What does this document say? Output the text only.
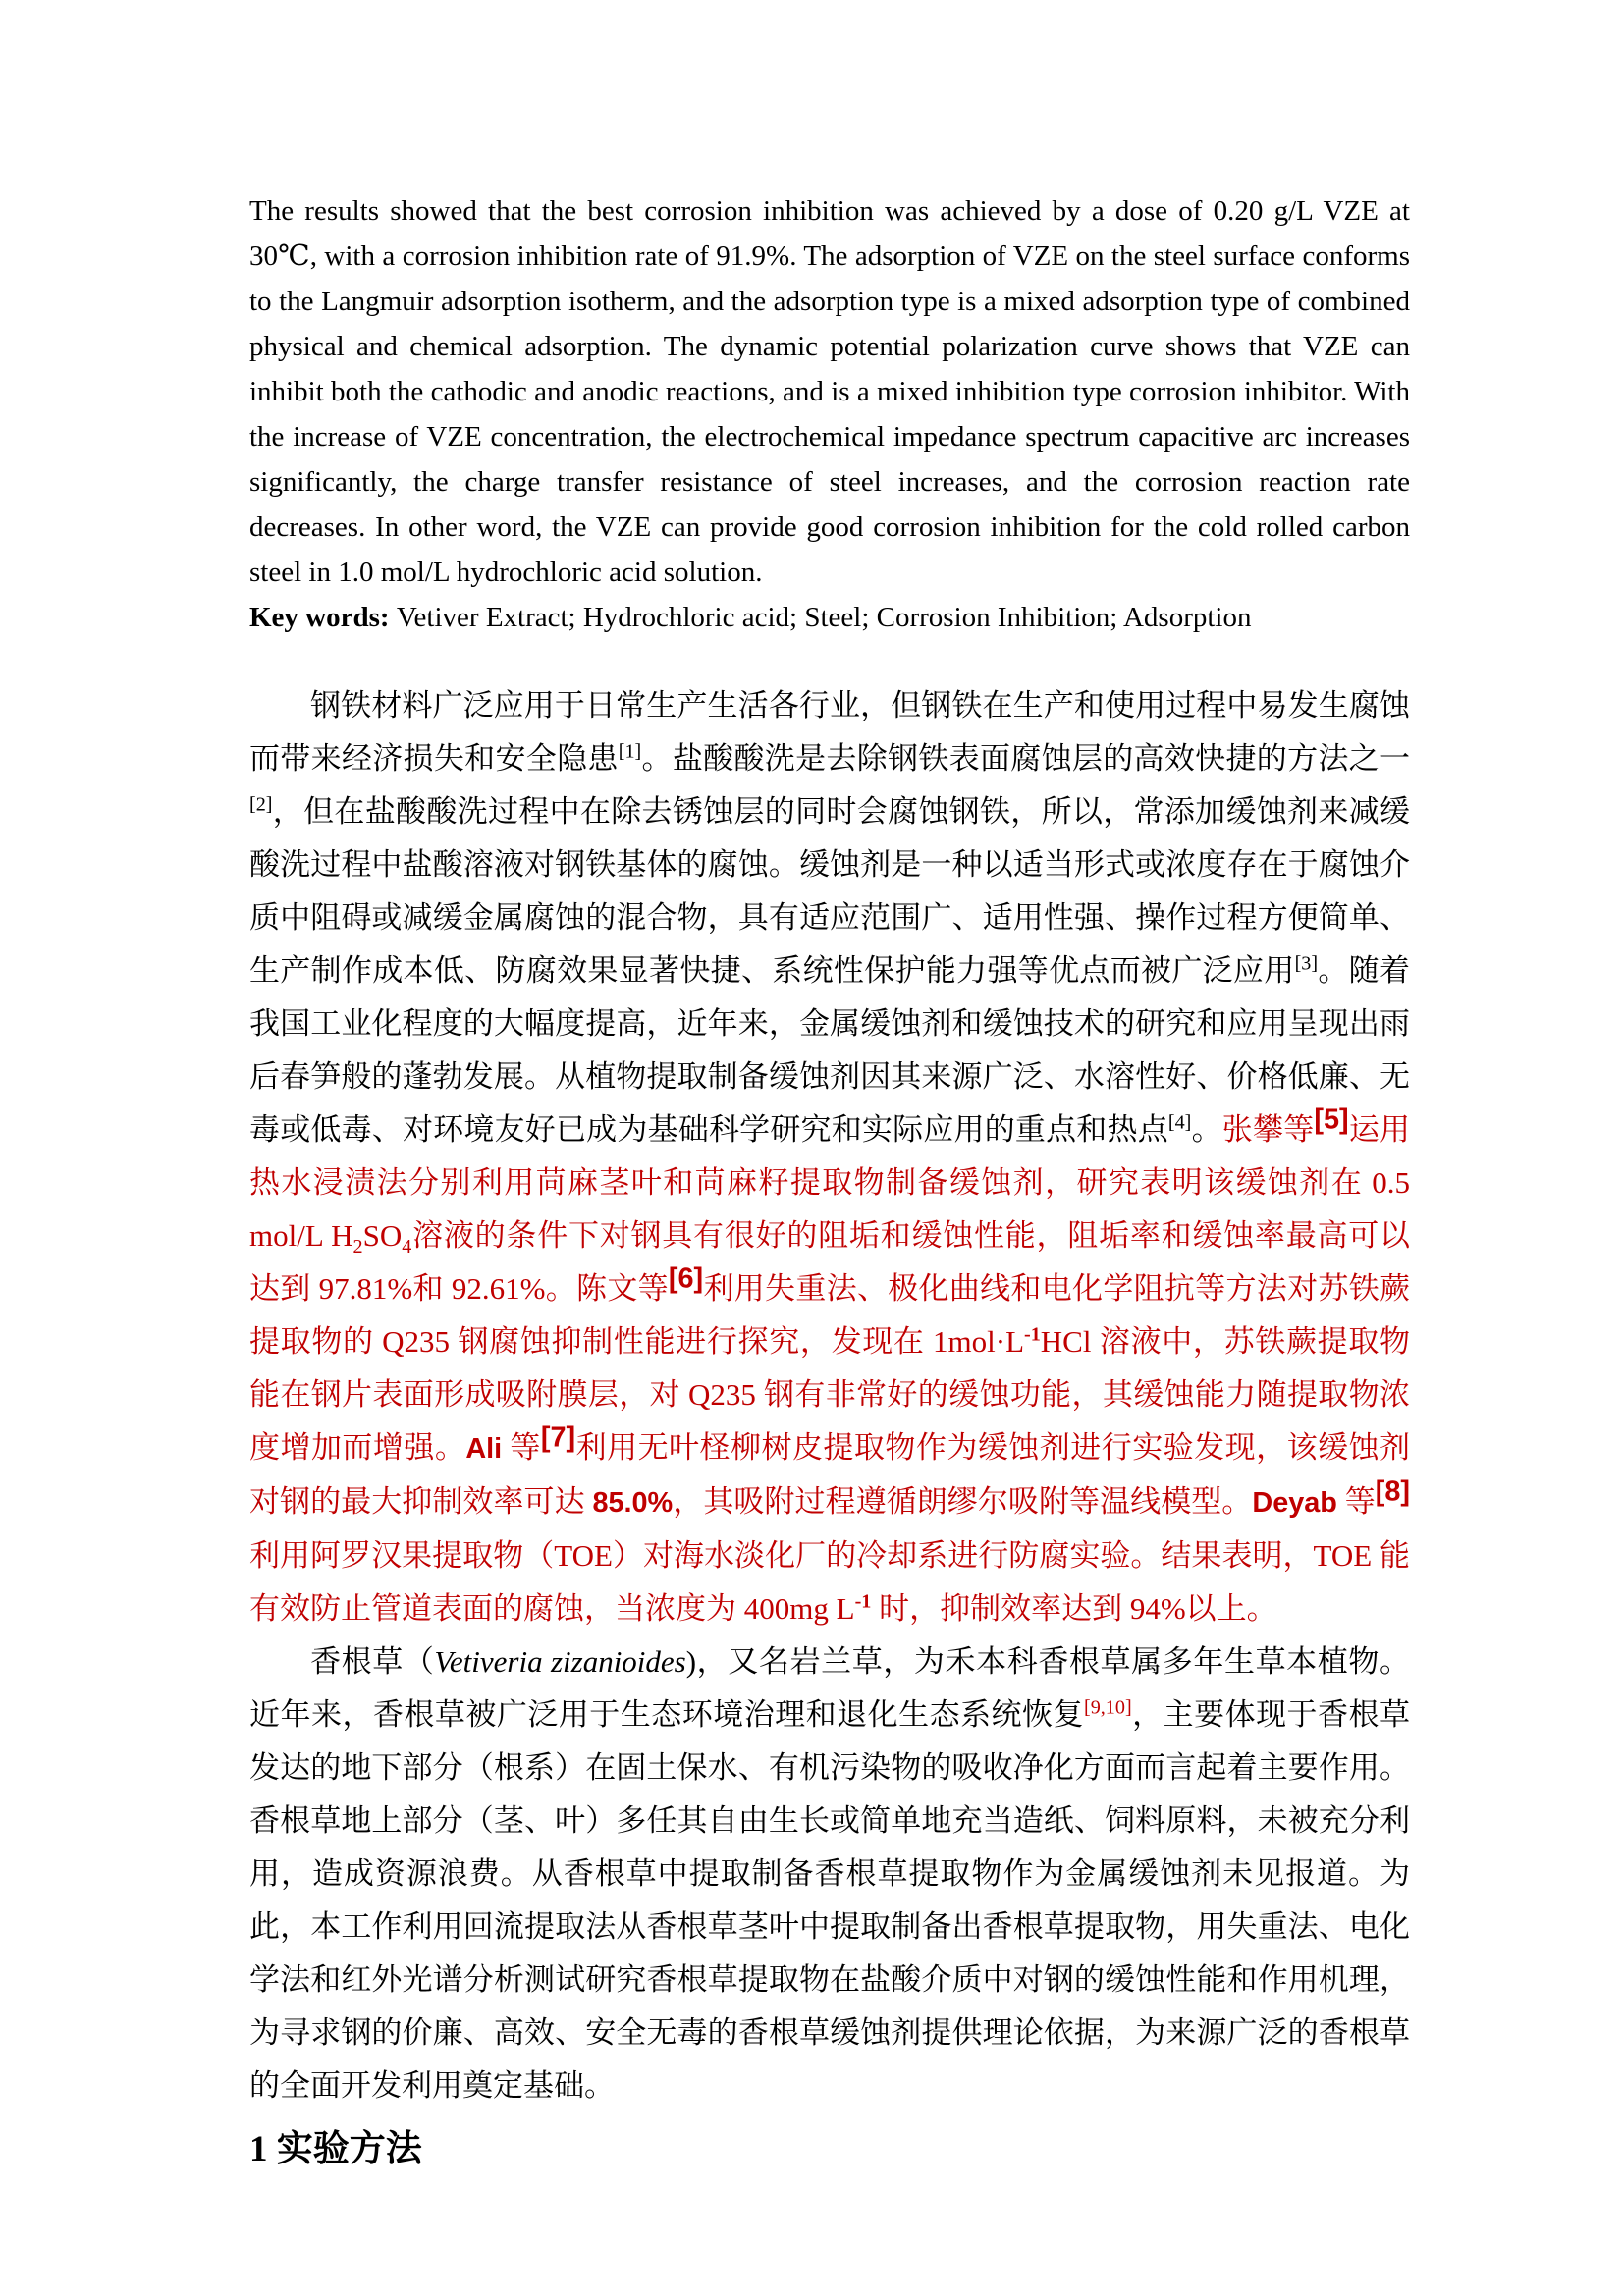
The results showed that the best corrosion inhibition was achieved by a dose of 0.20 g/L VZE at 30℃, with a corrosion inhibition rate of 91.9%. The adsorption of VZE on the steel surface conforms to the Langmuir adsorption isotherm, and the adsorption type is a mixed adsorption type of combined physical and chemical adsorption. The dynamic potential polarization curve shows that VZE can inhibit both the cathodic and anodic reactions, and is a mixed inhibition type corrosion inhibitor. With the increase of VZE concentration, the electrochemical impedance spectrum capacitive arc increases significantly, the charge transfer resistance of steel increases, and the corrosion reaction rate decreases. In other word, the VZE can provide good corrosion inhibition for the cold rolled carbon steel in 1.0 mol/L hydrochloric acid solution.

Key words: Vetiver Extract; Hydrochloric acid; Steel; Corrosion Inhibition; Adsorption

钢铁材料广泛应用于日常生产生活各行业，但钢铁在生产和使用过程中易发生腐蚀而带来经济损失和安全隐患[1]。盐酸酸洗是去除钢铁表面腐蚀层的高效快捷的方法之一[2]，但在盐酸酸洗过程中在除去锈蚀层的同时会腐蚀钢铁，所以，常添加缓蚀剂来减缓酸洗过程中盐酸溶液对钢铁基体的腐蚀。缓蚀剂是一种以适当形式或浓度存在于腐蚀介质中阻碍或减缓金属腐蚀的混合物，具有适应范围广、适用性强、操作过程方便简单、生产制作成本低、防腐效果显著快捷、系统性保护能力强等优点而被广泛应用[3]。随着我国工业化程度的大幅度提高，近年来，金属缓蚀剂和缓蚀技术的研究和应用呈现出雨后春笋般的蓬勃发展。从植物提取制备缓蚀剂因其来源广泛、水溶性好、价格低廉、无毒或低毒、对环境友好已成为基础科学研究和实际应用的重点和热点[4]。张攀等[5]运用热水浸渍法分别利用苘麻茎叶和苘麻籽提取物制备缓蚀剂，研究表明该缓蚀剂在 0.5 mol/L $H_2SO_4$溶液的条件下对钢具有很好的阻垢和缓蚀性能，阻垢率和缓蚀率最高可以达到 97.81%和 92.61%。陈文等[6]利用失重法、极化曲线和电化学阻抗等方法对苏铁蕨提取物的 Q235 钢腐蚀抑制性能进行探究，发现在 $1mol\cdot L^{-1}HCl$ 溶液中，苏铁蕨提取物能在钢片表面形成吸附膜层，对 Q235 钢有非常好的缓蚀功能，其缓蚀能力随提取物浓度增加而增强。Ali 等[7]利用无叶柽柳树皮提取物作为缓蚀剂进行实验发现，该缓蚀剂对钢的最大抑制效率可达 85.0%，其吸附过程遵循朗缪尔吸附等温线模型。Deyab 等[8]利用阿罗汉果提取物（TOE）对海水淡化厂的冷却系进行防腐实验。结果表明，TOE 能有效防止管道表面的腐蚀，当浓度为 400mg $L^{-1}$ 时，抑制效率达到 94%以上。

香根草（Vetiveria zizanioides)，又名岩兰草，为禾本科香根草属多年生草本植物。近年来，香根草被广泛用于生态环境治理和退化生态系统恢复[9,10]，主要体现于香根草发达的地下部分（根系）在固土保水、有机污染物的吸收净化方面而言起着主要作用。香根草地上部分（茎、叶）多任其自由生长或简单地充当造纸、饲料原料，未被充分利用，造成资源浪费。从香根草中提取制备香根草提取物作为金属缓蚀剂未见报道。为此，本工作利用回流提取法从香根草茎叶中提取制备出香根草提取物，用失重法、电化学法和红外光谱分析测试研究香根草提取物在盐酸介质中对钢的缓蚀性能和作用机理，为寻求钢的价廉、高效、安全无毒的香根草缓蚀剂提供理论依据，为来源广泛的香根草的全面开发利用奠定基础。

1 实验方法
